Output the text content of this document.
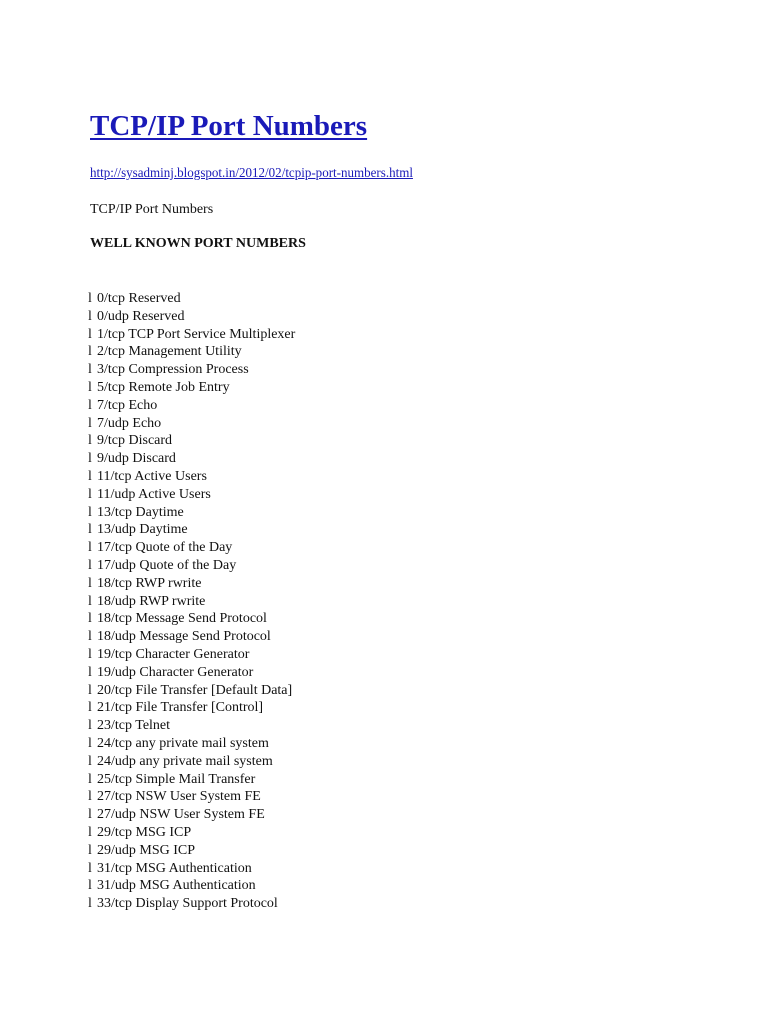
TCP/IP Port Numbers
http://sysadminj.blogspot.in/2012/02/tcpip-port-numbers.html
TCP/IP Port Numbers
WELL KNOWN PORT NUMBERS
l 0/tcp Reserved
l 0/udp Reserved
l 1/tcp TCP Port Service Multiplexer
l 2/tcp Management Utility
l 3/tcp Compression Process
l 5/tcp Remote Job Entry
l 7/tcp Echo
l 7/udp Echo
l 9/tcp Discard
l 9/udp Discard
l 11/tcp Active Users
l 11/udp Active Users
l 13/tcp Daytime
l 13/udp Daytime
l 17/tcp Quote of the Day
l 17/udp Quote of the Day
l 18/tcp RWP rwrite
l 18/udp RWP rwrite
l 18/tcp Message Send Protocol
l 18/udp Message Send Protocol
l 19/tcp Character Generator
l 19/udp Character Generator
l 20/tcp File Transfer [Default Data]
l 21/tcp File Transfer [Control]
l 23/tcp Telnet
l 24/tcp any private mail system
l 24/udp any private mail system
l 25/tcp Simple Mail Transfer
l 27/tcp NSW User System FE
l 27/udp NSW User System FE
l 29/tcp MSG ICP
l 29/udp MSG ICP
l 31/tcp MSG Authentication
l 31/udp MSG Authentication
l 33/tcp Display Support Protocol
